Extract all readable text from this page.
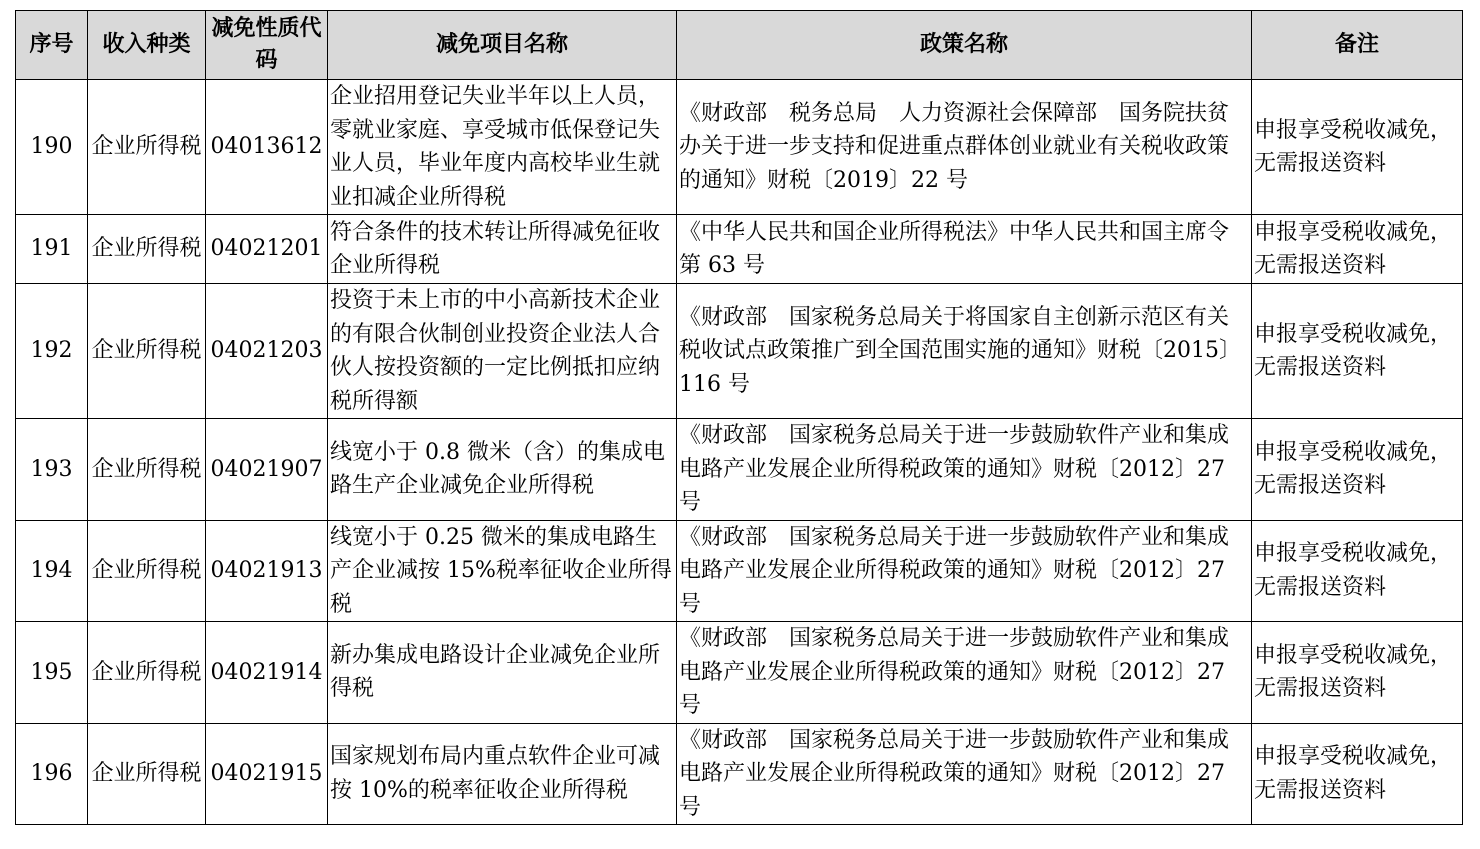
序号	收入种类	减免性质代码	减免项目名称	政策名称	备注
190	企业所得税	04013612	企业招用登记失业半年以上人员，零就业家庭、享受城市低保登记失业人员，毕业年度内高校毕业生就业扣减企业所得税	《财政部　税务总局　人力资源社会保障部　国务院扶贫办关于进一步支持和促进重点群体创业就业有关税收政策的通知》财税〔2019〕22 号	申报享受税收减免，无需报送资料
191	企业所得税	04021201	符合条件的技术转让所得减免征收企业所得税	《中华人民共和国企业所得税法》中华人民共和国主席令第 63 号	申报享受税收减免，无需报送资料
192	企业所得税	04021203	投资于未上市的中小高新技术企业的有限合伙制创业投资企业法人合伙人按投资额的一定比例抵扣应纳税所得额	《财政部　国家税务总局关于将国家自主创新示范区有关税收试点政策推广到全国范围实施的通知》财税〔2015〕116 号	申报享受税收减免，无需报送资料
193	企业所得税	04021907	线宽小于 0.8 微米（含）的集成电路生产企业减免企业所得税	《财政部　国家税务总局关于进一步鼓励软件产业和集成电路产业发展企业所得税政策的通知》财税〔2012〕27 号	申报享受税收减免，无需报送资料
194	企业所得税	04021913	线宽小于 0.25 微米的集成电路生产企业减按 15%税率征收企业所得税	《财政部　国家税务总局关于进一步鼓励软件产业和集成电路产业发展企业所得税政策的通知》财税〔2012〕27 号	申报享受税收减免，无需报送资料
195	企业所得税	04021914	新办集成电路设计企业减免企业所得税	《财政部　国家税务总局关于进一步鼓励软件产业和集成电路产业发展企业所得税政策的通知》财税〔2012〕27 号	申报享受税收减免，无需报送资料
196	企业所得税	04021915	国家规划布局内重点软件企业可减按 10%的税率征收企业所得税	《财政部　国家税务总局关于进一步鼓励软件产业和集成电路产业发展企业所得税政策的通知》财税〔2012〕27 号	申报享受税收减免，无需报送资料
